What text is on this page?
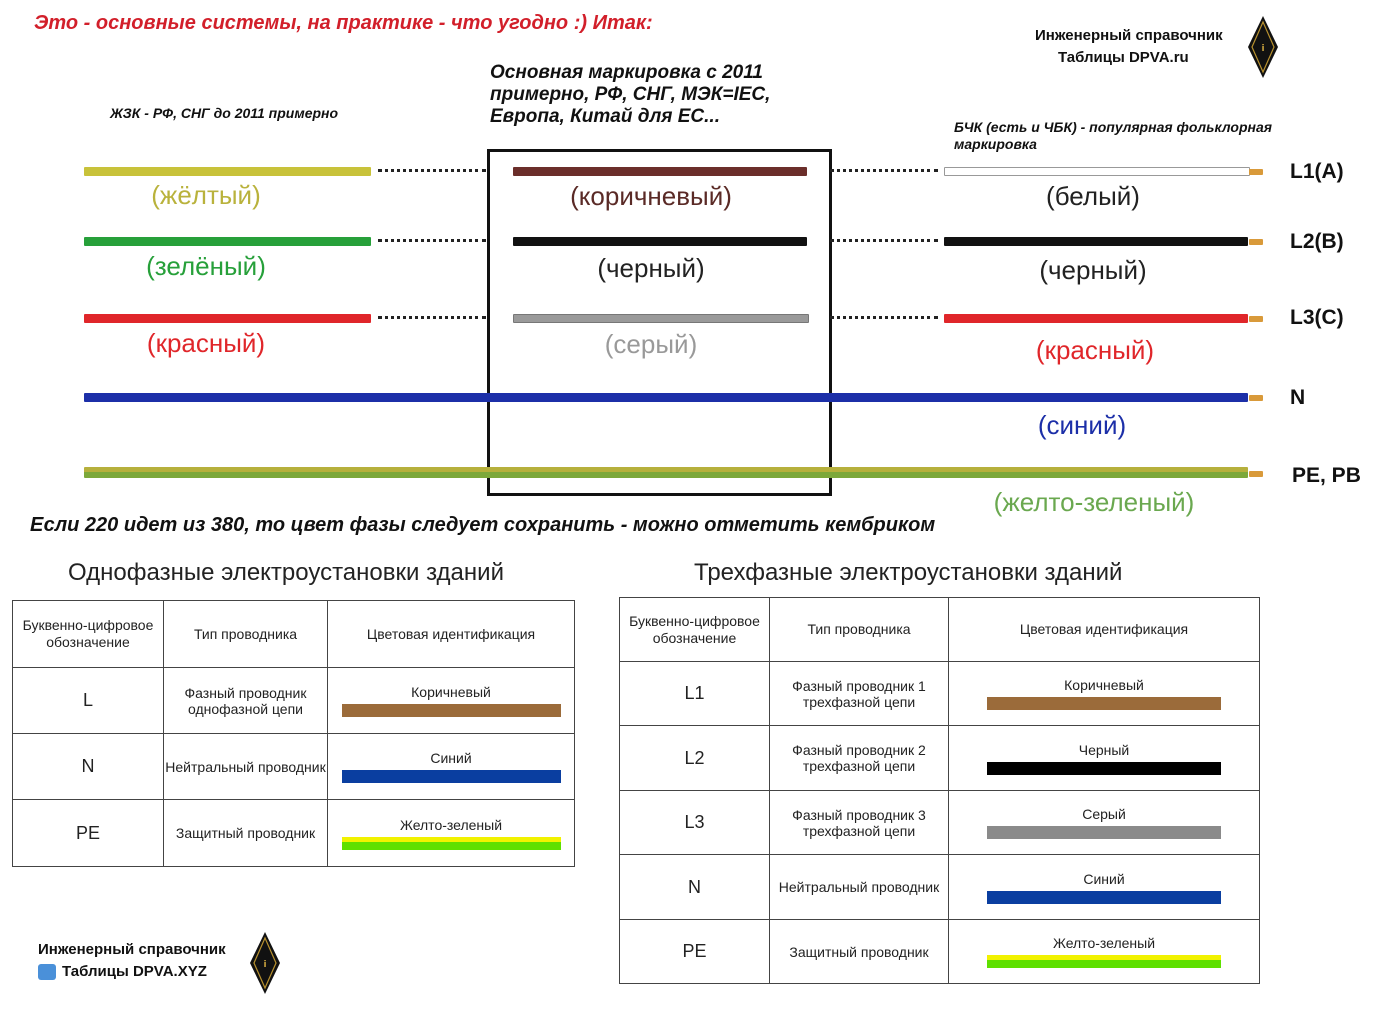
Это - основные системы, на практике - что угодно :) Итак:
Инженерный справочник
Таблицы DPVA.ru	i
ЖЗК - РФ, СНГ до 2011 примерно
Основная маркировка с 2011 примерно, РФ, СНГ, МЭК=IEC, Европа, Китай для ЕС...	БЧК (есть и ЧБК) - популярная фольклорная маркировка
(жёлтый)	(коричневый)	(белый)
L1(A)
(зелёный)	(черный)	(черный)
L2(B)
(красный)	(серый)	(красный)
L3(C)
(синий)
N
(желто-зеленый)
PE, PB
Если 220 идет из 380, то цвет фазы следует сохранить - можно отметить кембриком
Однофазные электроустановки зданий
Буквенно-цифровое обозначение	Тип проводника	Цветовая идентификация
L	Фазный проводник однофазной цепи	Коричневый

N	Нейтральный проводник	Синий

PE	Защитный проводник	Желто-зеленый
Трехфазные электроустановки зданий
Буквенно-цифровое обозначение	Тип проводника	Цветовая идентификация
L1	Фазный проводник 1 трехфазной цепи	Коричневый

L2	Фазный проводник 2 трехфазной цепи	Черный

L3	Фазный проводник 3 трехфазной цепи	Серый

N	Нейтральный проводник	Синий

PE	Защитный проводник	Желто-зеленый
Инженерный справочник
Таблицы DPVA.XYZ	i
